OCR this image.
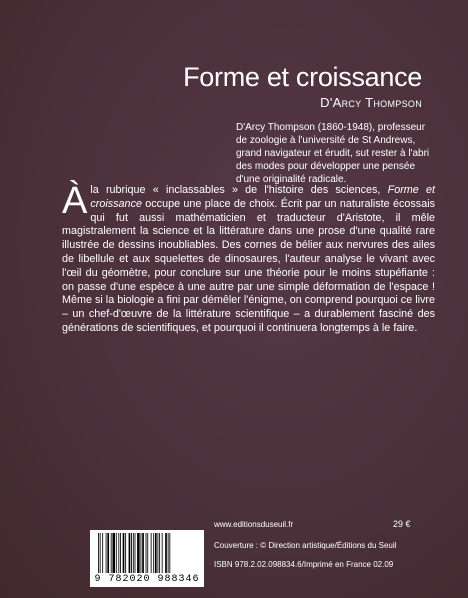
Forme et croissance
D'Arcy Thompson
D'Arcy Thompson (1860-1948), professeur de zoologie à l'université de St Andrews, grand navigateur et érudit, sut rester à l'abri des modes pour développer une pensée d'une originalité radicale.
À la rubrique « inclassables » de l'histoire des sciences, Forme et croissance occupe une place de choix. Écrit par un naturaliste écossais qui fut aussi mathématicien et traducteur d'Aristote, il mêle magistralement la science et la littérature dans une prose d'une qualité rare illustrée de dessins inoubliables. Des cornes de bélier aux nervures des ailes de libellule et aux squelettes de dinosaures, l'auteur analyse le vivant avec l'œil du géomètre, pour conclure sur une théorie pour le moins stupéfiante : on passe d'une espèce à une autre par une simple déformation de l'espace ! Même si la biologie a fini par démêler l'énigme, on comprend pourquoi ce livre – un chef-d'œuvre de la littérature scientifique – a durablement fasciné des générations de scientifiques, et pourquoi il continuera longtemps à le faire.
9 782020 988346
www.editionsduseuil.fr	29 €
Couverture : © Direction artistique/Éditions du Seuil
ISBN 978.2.02.098834.6/Imprimé en France 02.09
